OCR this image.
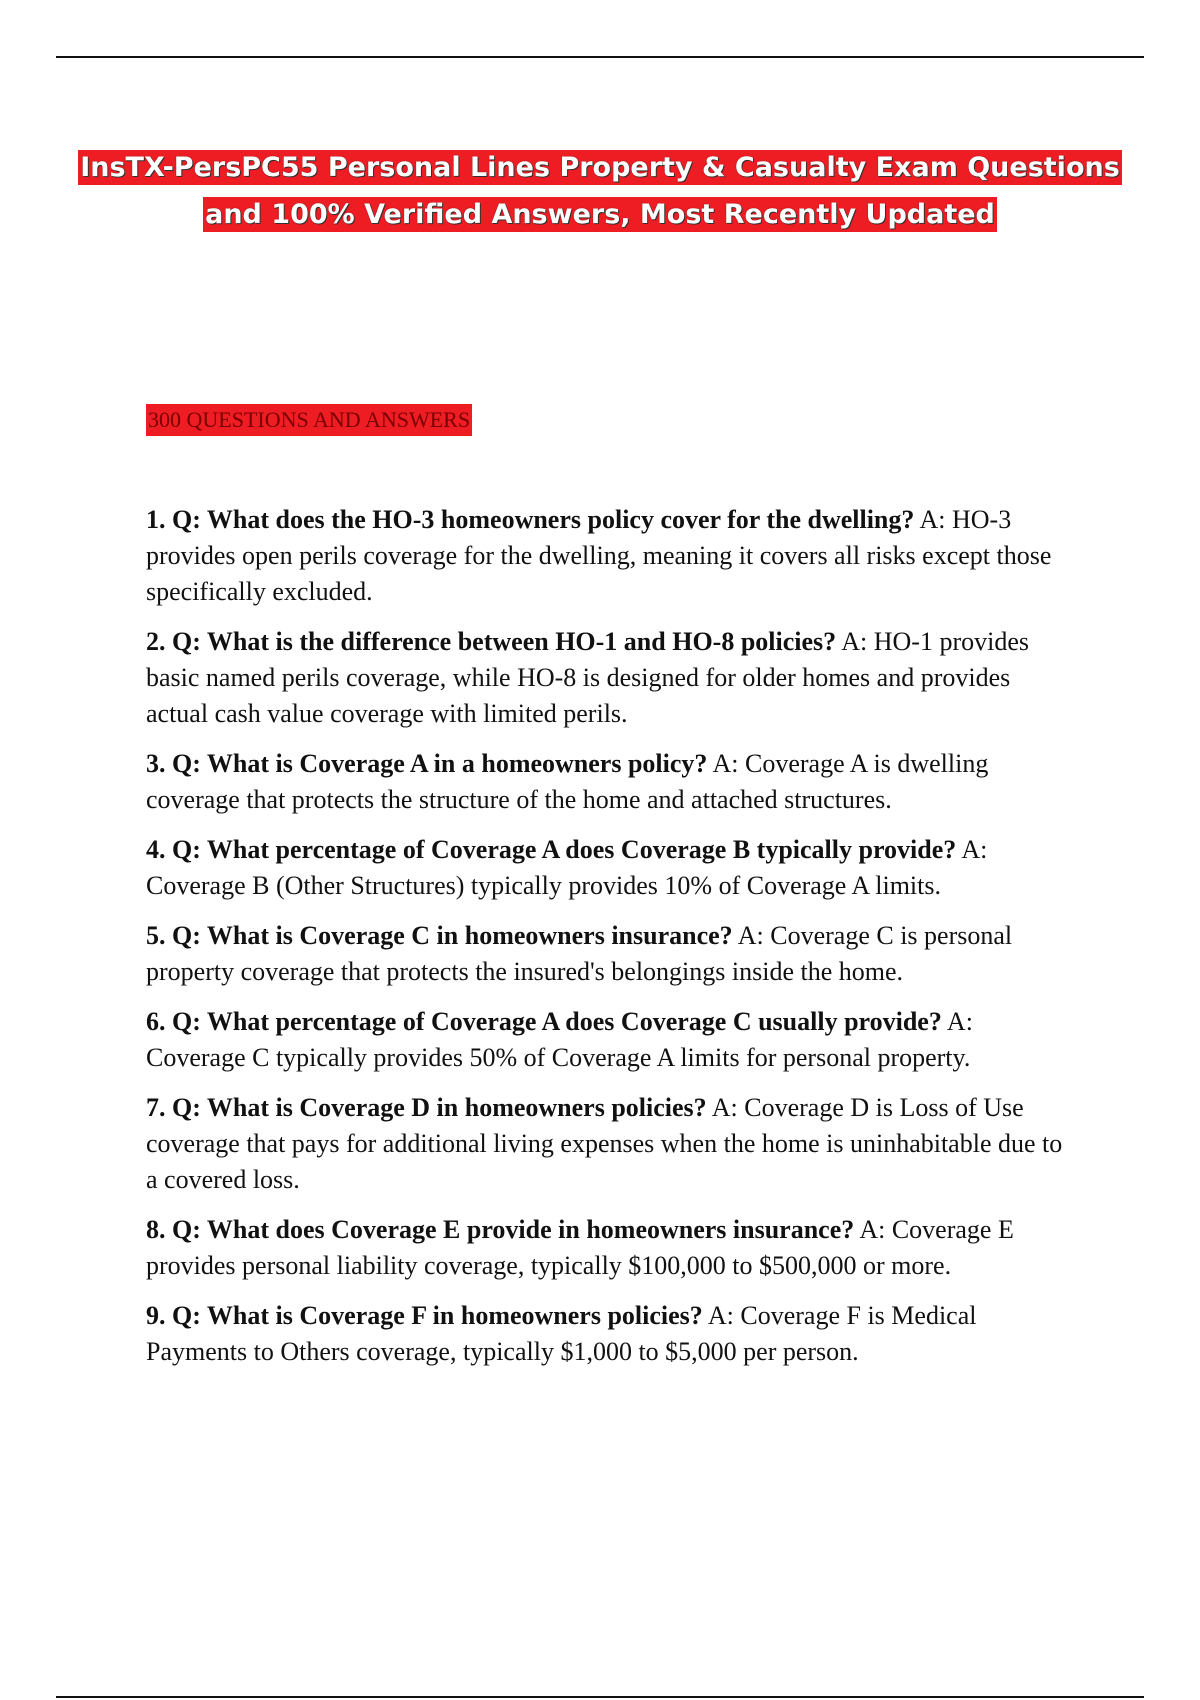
InsTX-PersPC55 Personal Lines Property & Casualty Exam Questions and 100% Verified Answers, Most Recently Updated
300 QUESTIONS AND ANSWERS

1. Q: What does the HO-3 homeowners policy cover for the dwelling? A: HO-3 provides open perils coverage for the dwelling, meaning it covers all risks except those specifically excluded.

2. Q: What is the difference between HO-1 and HO-8 policies? A: HO-1 provides basic named perils coverage, while HO-8 is designed for older homes and provides actual cash value coverage with limited perils.

3. Q: What is Coverage A in a homeowners policy? A: Coverage A is dwelling coverage that protects the structure of the home and attached structures.

4. Q: What percentage of Coverage A does Coverage B typically provide? A: Coverage B (Other Structures) typically provides 10% of Coverage A limits.

5. Q: What is Coverage C in homeowners insurance? A: Coverage C is personal property coverage that protects the insured's belongings inside the home.

6. Q: What percentage of Coverage A does Coverage C usually provide? A: Coverage C typically provides 50% of Coverage A limits for personal property.

7. Q: What is Coverage D in homeowners policies? A: Coverage D is Loss of Use coverage that pays for additional living expenses when the home is uninhabitable due to a covered loss.

8. Q: What does Coverage E provide in homeowners insurance? A: Coverage E provides personal liability coverage, typically $100,000 to $500,000 or more.

9. Q: What is Coverage F in homeowners policies? A: Coverage F is Medical Payments to Others coverage, typically $1,000 to $5,000 per person.
